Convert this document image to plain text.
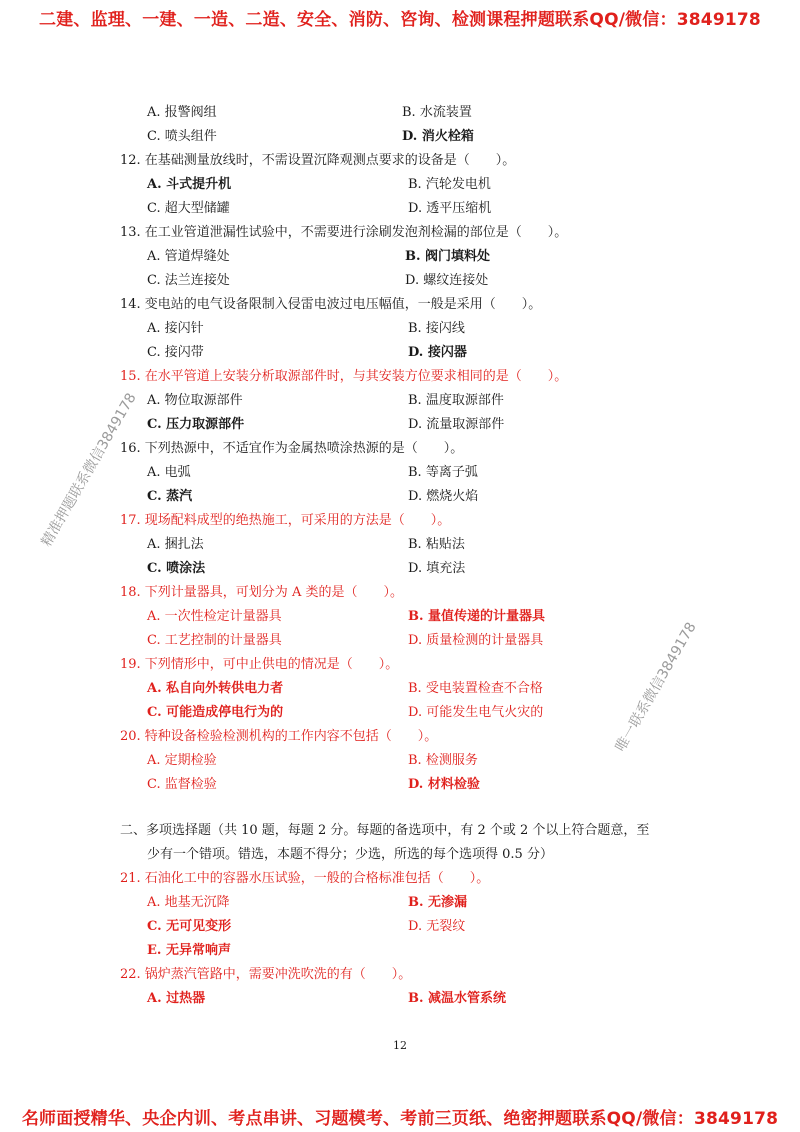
二建、监理、一建、一造、二造、安全、消防、咨询、检测课程押题联系QQ/微信：3849178
A. 报警阀组	B. 水流装置
C. 喷头组件	D. 消火栓箱
12. 在基础测量放线时，不需设置沉降观测点要求的设备是（　　）。
A. 斗式提升机	B. 汽轮发电机
C. 超大型储罐	D. 透平压缩机
13. 在工业管道泄漏性试验中，不需要进行涂刷发泡剂检漏的部位是（　　）。
A. 管道焊缝处	B. 阀门填料处
C. 法兰连接处	D. 螺纹连接处
14. 变电站的电气设备限制入侵雷电波过电压幅值，一般是采用（　　）。
A. 接闪针	B. 接闪线
C. 接闪带	D. 接闪器
15. 在水平管道上安装分析取源部件时，与其安装方位要求相同的是（　　）。
A. 物位取源部件	B. 温度取源部件
C. 压力取源部件	D. 流量取源部件
16. 下列热源中，不适宜作为金属热喷涂热源的是（　　）。
A. 电弧	B. 等离子弧
C. 蒸汽	D. 燃烧火焰
17. 现场配料成型的绝热施工，可采用的方法是（　　）。
A. 捆扎法	B. 粘贴法
C. 喷涂法	D. 填充法
18. 下列计量器具，可划分为 A 类的是（　　）。
A. 一次性检定计量器具	B. 量值传递的计量器具
C. 工艺控制的计量器具	D. 质量检测的计量器具
19. 下列情形中，可中止供电的情况是（　　）。
A. 私自向外转供电力者	B. 受电装置检查不合格
C. 可能造成停电行为的	D. 可能发生电气火灾的
20. 特种设备检验检测机构的工作内容不包括（　　）。
A. 定期检验	B. 检测服务
C. 监督检验	D. 材料检验
二、多项选择题（共 10 题，每题 2 分。每题的备选项中，有 2 个或 2 个以上符合题意，至
少有一个错项。错选，本题不得分；少选，所选的每个选项得 0.5 分）
21. 石油化工中的容器水压试验，一般的合格标准包括（　　）。
A. 地基无沉降	B. 无渗漏
C. 无可见变形	D. 无裂纹
E. 无异常响声
22. 锅炉蒸汽管路中，需要冲洗吹洗的有（　　）。
A. 过热器	B. 减温水管系统
精准押题联系微信3849178
唯一联系微信3849178
12
名师面授精华、央企内训、考点串讲、习题模考、考前三页纸、绝密押题联系QQ/微信：3849178
